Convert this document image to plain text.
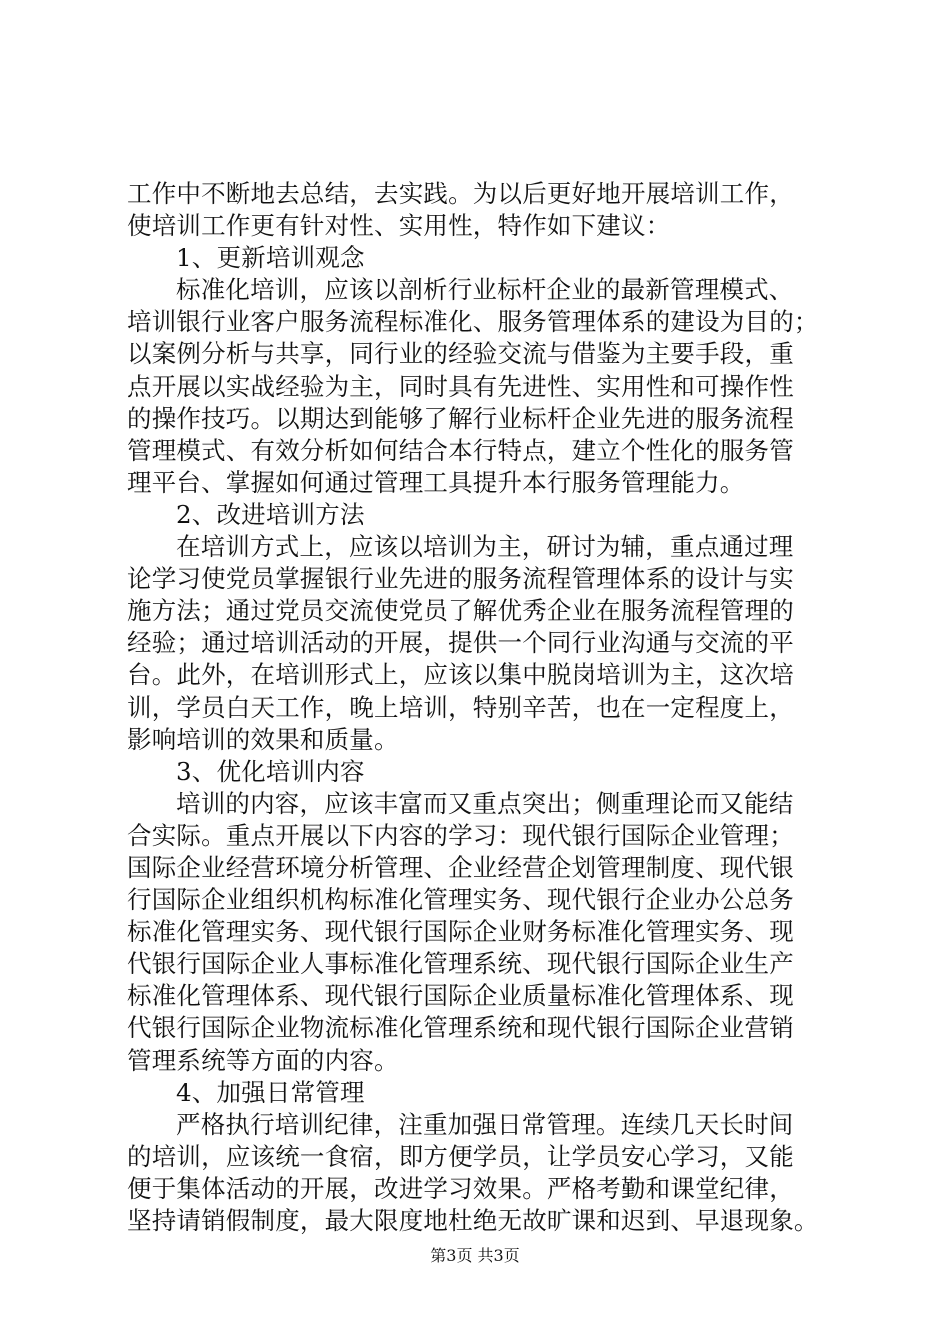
工作中不断地去总结，去实践。为以后更好地开展培训工作，
使培训工作更有针对性、实用性，特作如下建议：
1、更新培训观念
标准化培训，应该以剖析行业标杆企业的最新管理模式、
培训银行业客户服务流程标准化、服务管理体系的建设为目的；
以案例分析与共享，同行业的经验交流与借鉴为主要手段，重
点开展以实战经验为主，同时具有先进性、实用性和可操作性
的操作技巧。以期达到能够了解行业标杆企业先进的服务流程
管理模式、有效分析如何结合本行特点，建立个性化的服务管
理平台、掌握如何通过管理工具提升本行服务管理能力。
2、改进培训方法
在培训方式上，应该以培训为主，研讨为辅，重点通过理
论学习使党员掌握银行业先进的服务流程管理体系的设计与实
施方法；通过党员交流使党员了解优秀企业在服务流程管理的
经验；通过培训活动的开展，提供一个同行业沟通与交流的平
台。此外，在培训形式上，应该以集中脱岗培训为主，这次培
训，学员白天工作，晚上培训，特别辛苦，也在一定程度上，
影响培训的效果和质量。
3、优化培训内容
培训的内容，应该丰富而又重点突出；侧重理论而又能结
合实际。重点开展以下内容的学习：现代银行国际企业管理；
国际企业经营环境分析管理、企业经营企划管理制度、现代银
行国际企业组织机构标准化管理实务、现代银行企业办公总务
标准化管理实务、现代银行国际企业财务标准化管理实务、现
代银行国际企业人事标准化管理系统、现代银行国际企业生产
标准化管理体系、现代银行国际企业质量标准化管理体系、现
代银行国际企业物流标准化管理系统和现代银行国际企业营销
管理系统等方面的内容。
4、加强日常管理
严格执行培训纪律，注重加强日常管理。连续几天长时间
的培训，应该统一食宿，即方便学员，让学员安心学习，又能
便于集体活动的开展，改进学习效果。严格考勤和课堂纪律，
坚持请销假制度，最大限度地杜绝无故旷课和迟到、早退现象。
第3页 共3页
